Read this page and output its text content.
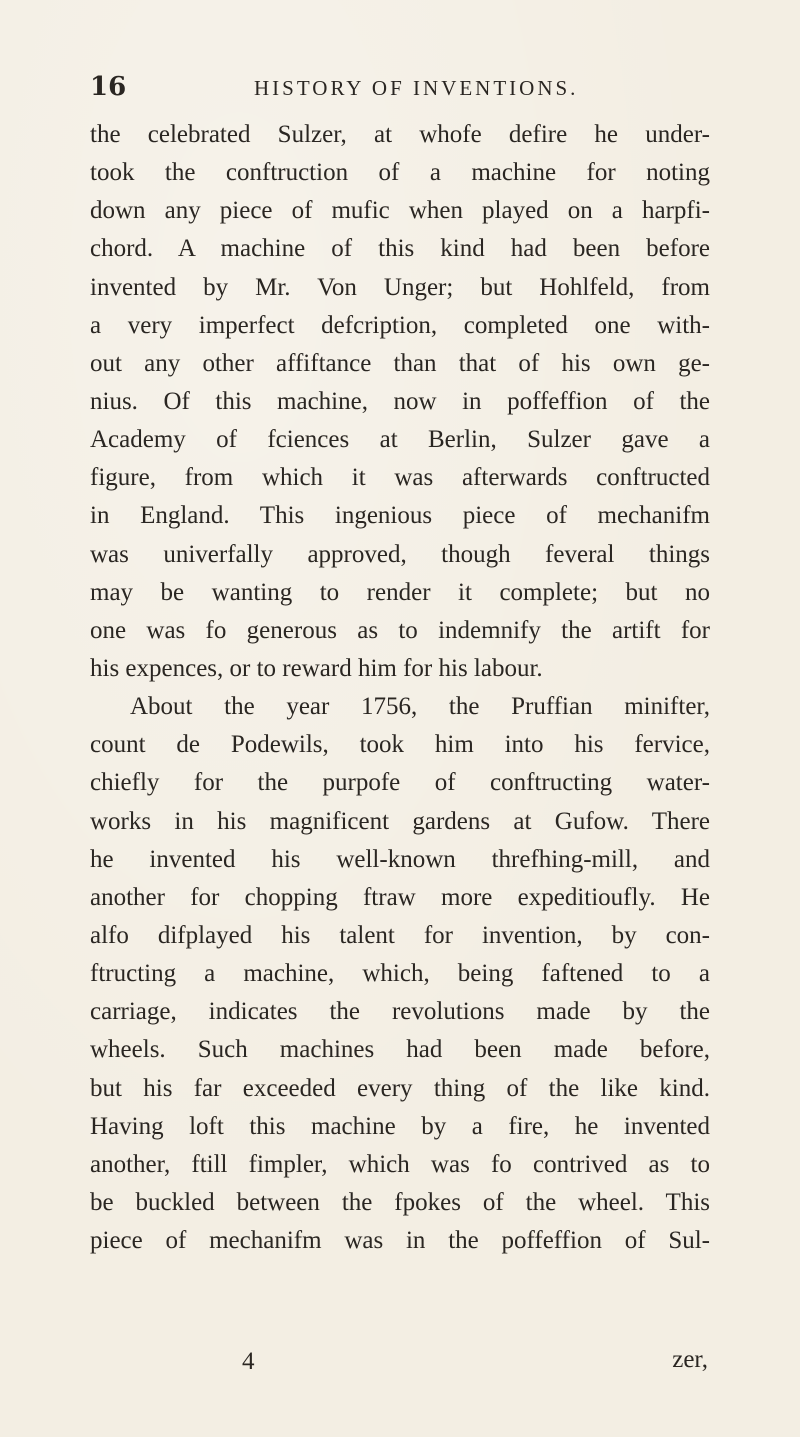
16	HISTORY OF INVENTIONS.
the celebrated Sulzer, at whofe defire he under-
took the conftruction of a machine for noting
down any piece of mufic when played on a harpfi-
chord. A machine of this kind had been before
invented by Mr. Von Unger; but Hohlfeld, from
a very imperfect defcription, completed one with-
out any other affiftance than that of his own ge-
nius. Of this machine, now in poffeffion of the
Academy of fciences at Berlin, Sulzer gave a
figure, from which it was afterwards conftructed
in England. This ingenious piece of mechanifm
was univerfally approved, though feveral things
may be wanting to render it complete; but no
one was fo generous as to indemnify the artift for
his expences, or to reward him for his labour.
About the year 1756, the Pruffian minifter,
count de Podewils, took him into his fervice,
chiefly for the purpofe of conftructing water-
works in his magnificent gardens at Gufow. There
he invented his well-known threfhing-mill, and
another for chopping ftraw more expeditioufly. He
alfo difplayed his talent for invention, by con-
ftructing a machine, which, being faftened to a
carriage, indicates the revolutions made by the
wheels. Such machines had been made before,
but his far exceeded every thing of the like kind.
Having loft this machine by a fire, he invented
another, ftill fimpler, which was fo contrived as to
be buckled between the fpokes of the wheel. This
piece of mechanifm was in the poffeffion of Sul-
4	zer,
